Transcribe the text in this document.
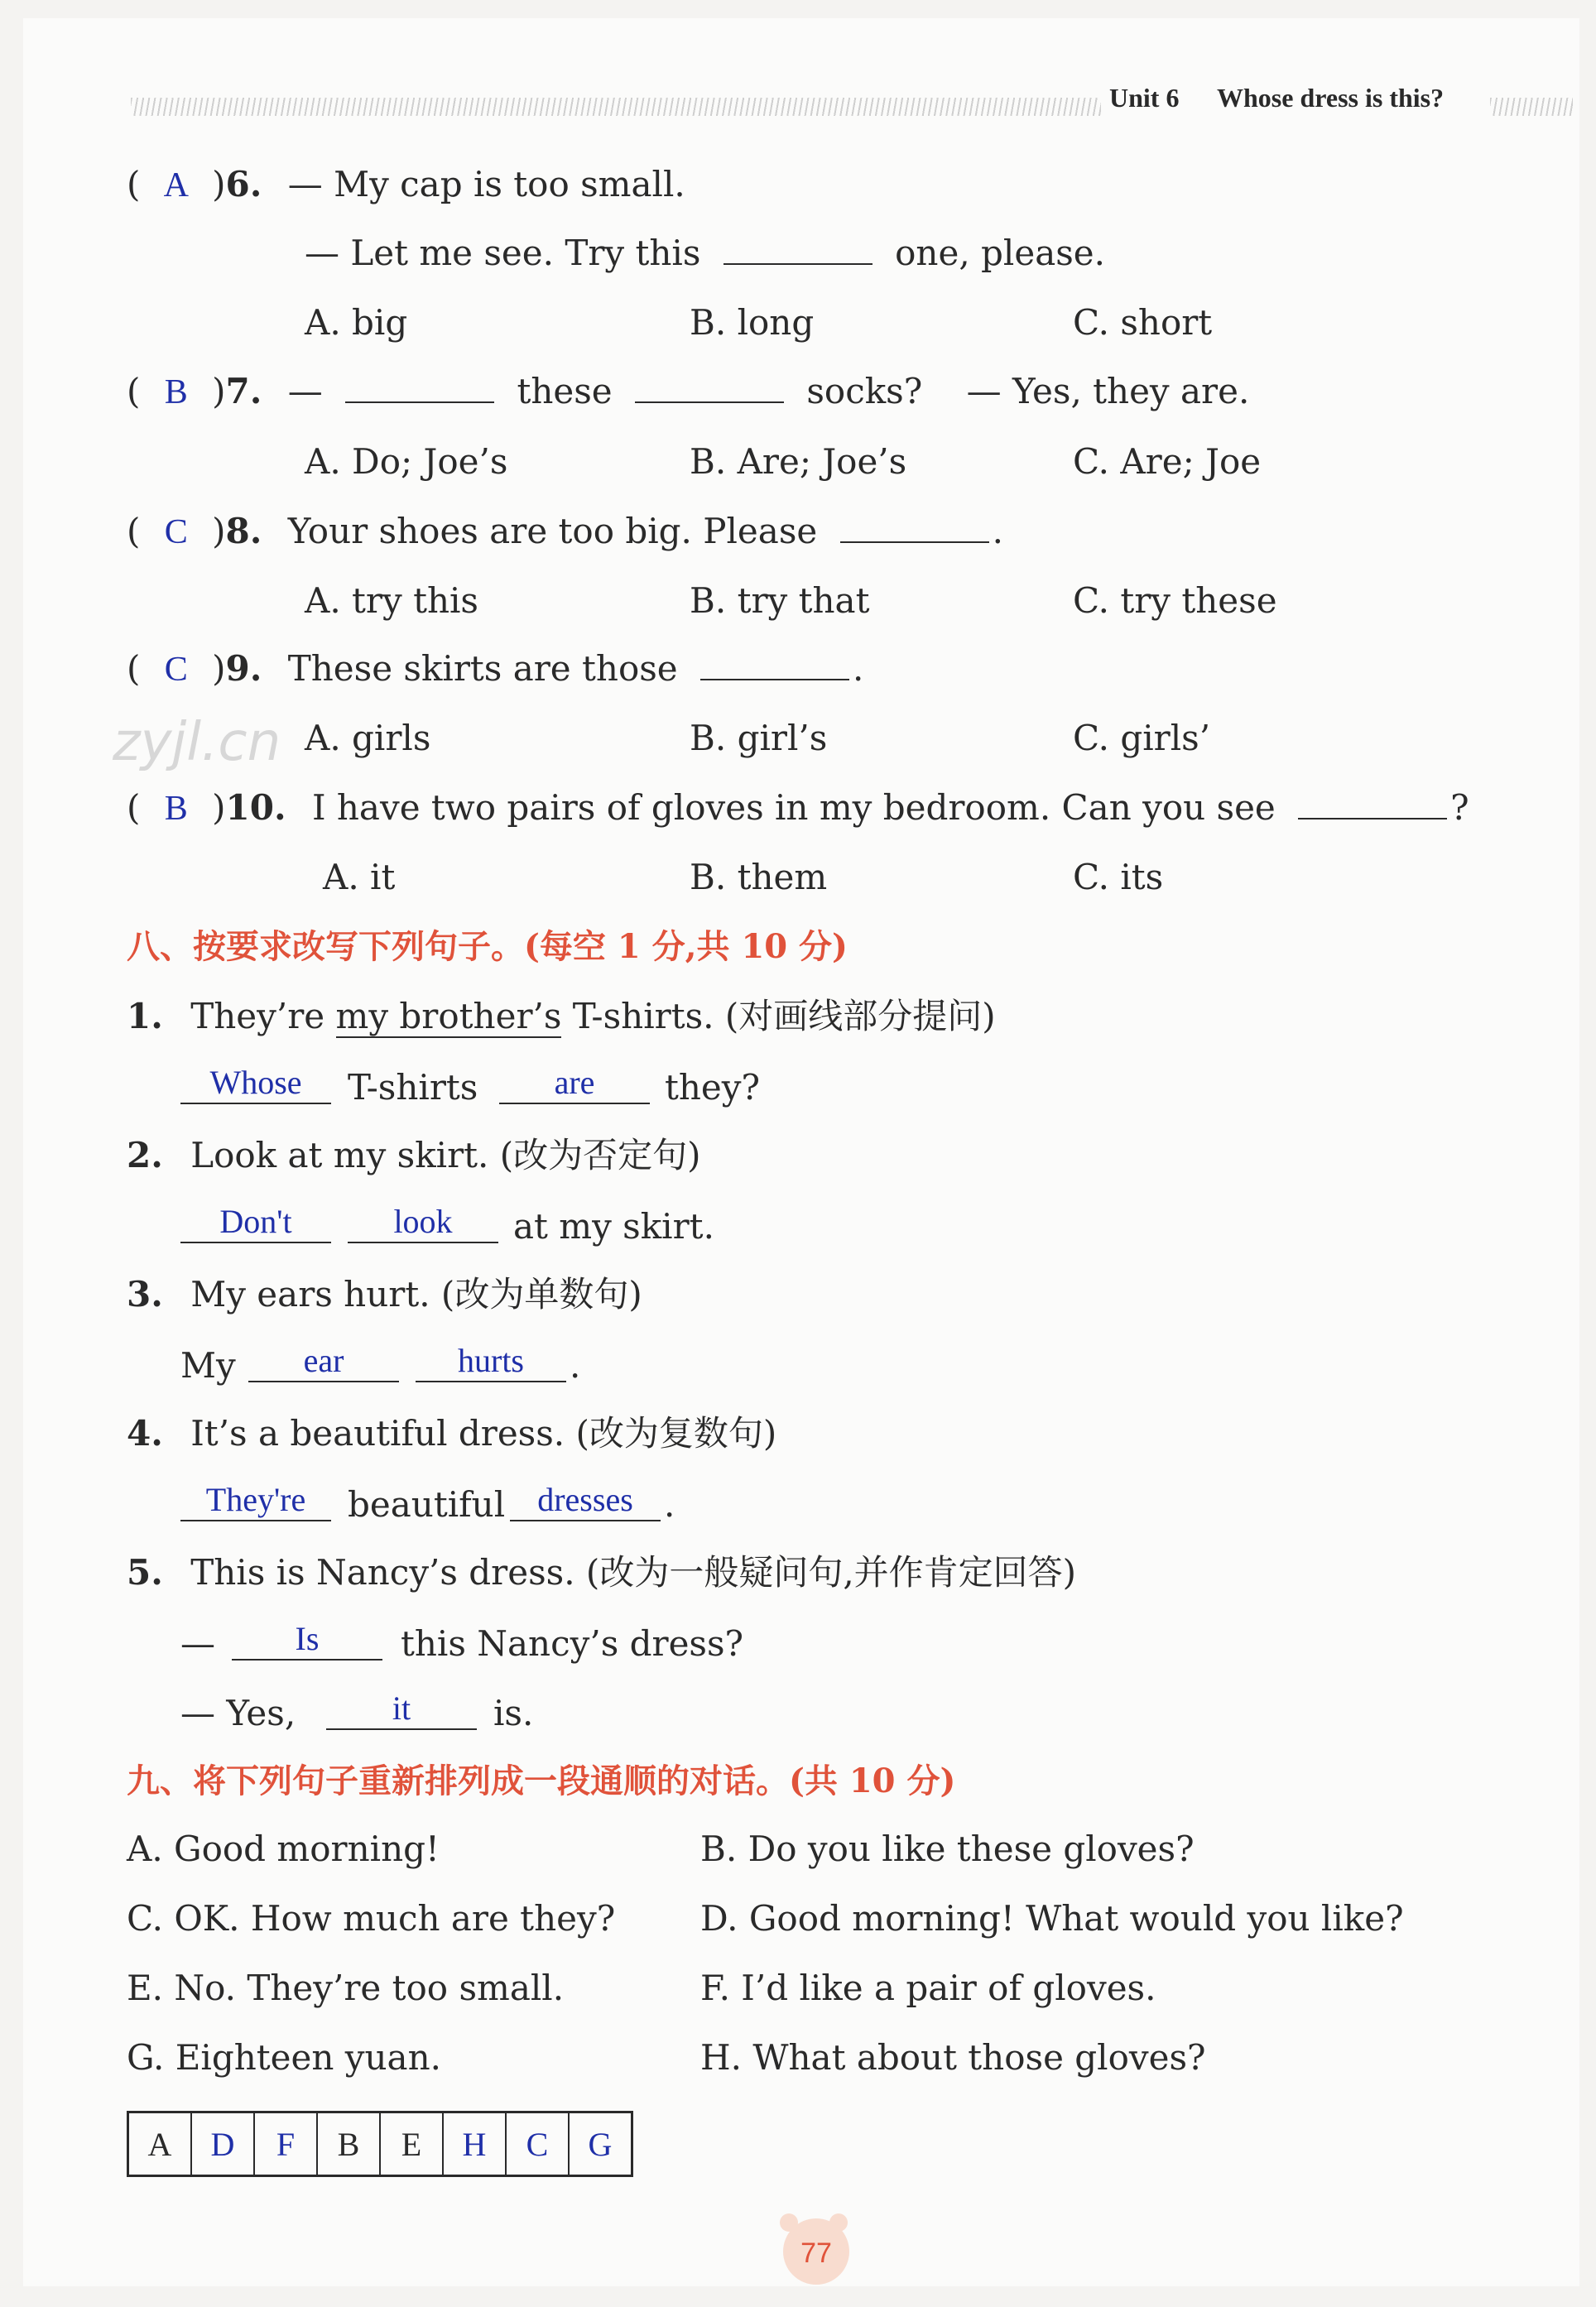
Unit 6 Whose dress is this?
( A )6. — My cap is too small.
— Let me see. Try this	one, please.
A. big	B. long	C. short
( B )7. —	these	socks? — Yes, they are.
A. Do; Joe’s	B. Are; Joe’s	C. Are; Joe
( C )8. Your shoes are too big. Please	.
A. try this	B. try that	C. try these
( C )9. These skirts are those	.
zyjl.cn A. girls	B. girl’s	C. girls’
( B )10. I have two pairs of gloves in my bedroom. Can you see	?
A. it	B. them	C. its
八、按要求改写下列句子。(每空 1 分,共 10 分)
1. They’re my brother’s T-shirts. (对画线部分提问)
Whose	T-shirts	are	they?
2. Look at my skirt. (改为否定句)
Don't	look	at my skirt.
3. My ears hurt. (改为单数句)
My	ear	hurts	.
4. It’s a beautiful dress. (改为复数句)
They're	beautiful dresses .
5. This is Nancy’s dress. (改为一般疑问句,并作肯定回答)
—	Is	this Nancy’s dress?
— Yes,	it	is.
九、将下列句子重新排列成一段通顺的对话。(共 10 分)
A. Good morning!	B. Do you like these gloves?
C. OK. How much are they? D. Good morning! What would you like?
E. No. They’re too small.	F. I’d like a pair of gloves.
G. Eighteen yuan.	H. What about those gloves?
A	D	F	B	E	H	C	G
77
